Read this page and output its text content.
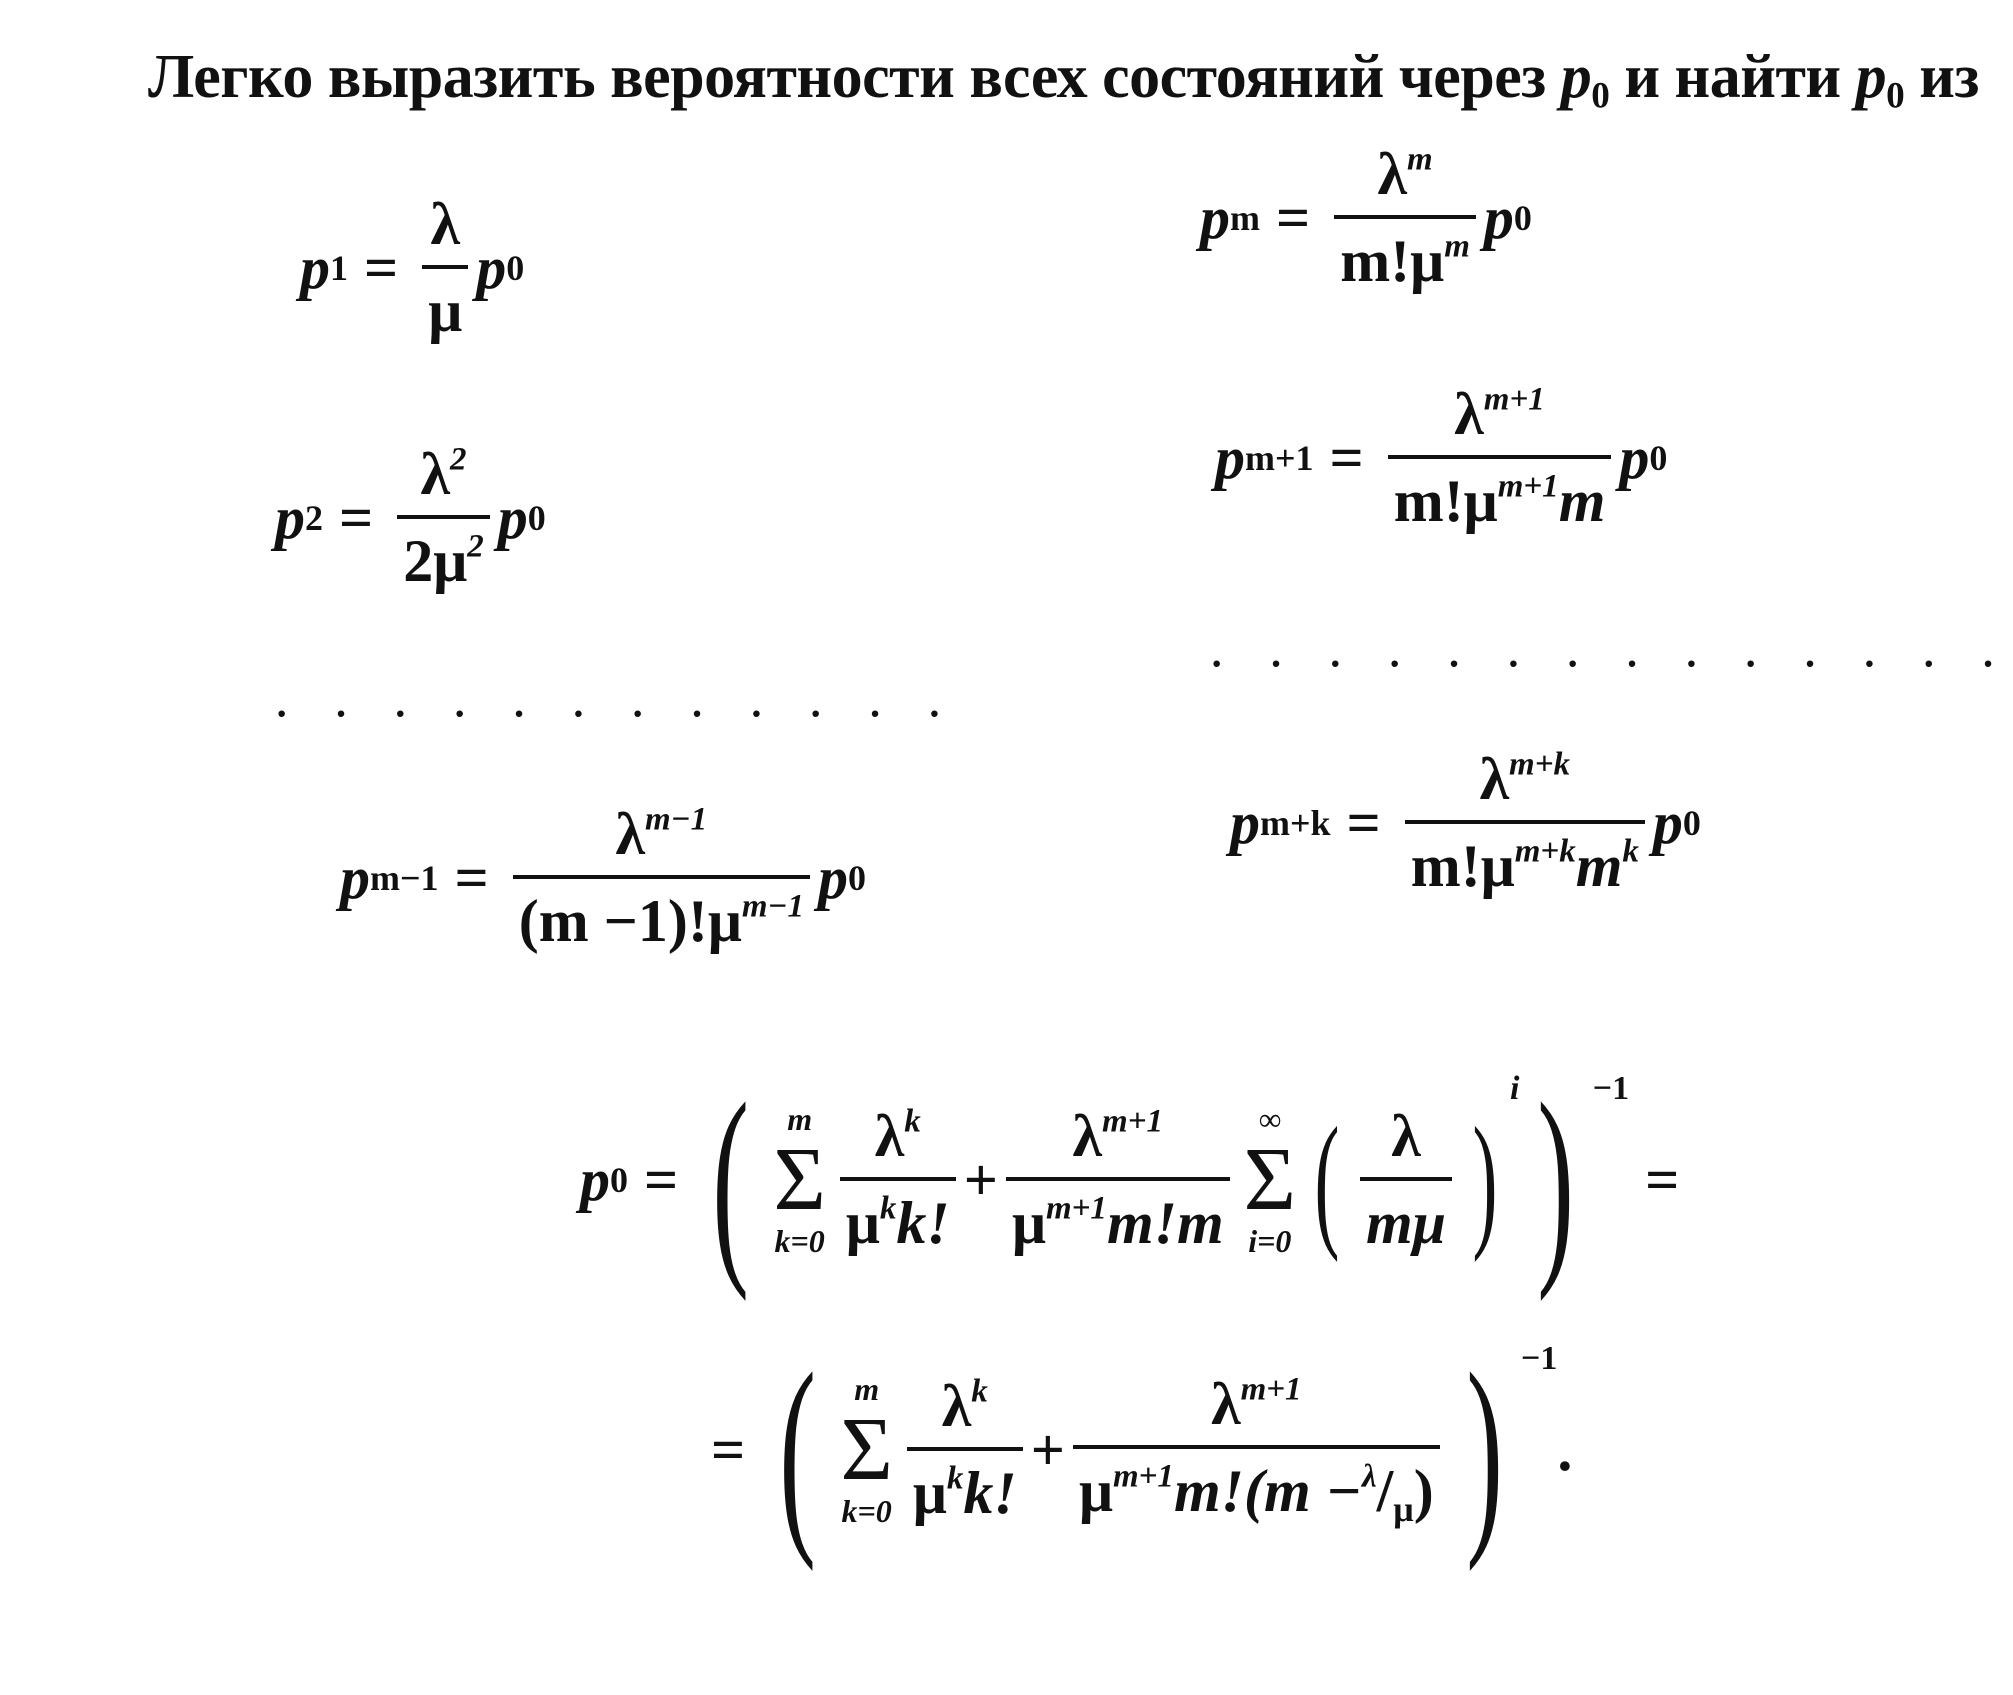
Легко выразить вероятности всех состояний через $p_0$ и найти $p_0$ из
p $1 = \frac{\lambda}{\mu}$ p 0
p $2 = \frac{\lambda^2}{2\mu^2}$ p 0
· · · · · · · · · · · ·
p $m-1 = \frac{\lambda^{m-1}}{(m -1)!\mu^{m-1}}$ p 0
p $m = \frac{\lambda^m}{m!\mu^m}$ p 0
p $m+1 = \frac{\lambda^{m+1}}{m!\mu^{m+1}m}$ p 0
· · · · · · · · · · · · · ·
p $m+k = \frac{\lambda^{m+k}}{m!\mu^{m+k}m^k}$ p 0
p 0 = ( m
Σ
$k=0 \frac{\lambda^k}{\mu^kk!} + \frac{\lambda^{m+1}}{\mu^{m+1}m!m}$ ∞
Σ
i=0 ( $\frac{\lambda}{m\mu}$ )
i ) −1
=
= ( m
Σ
$k=0 \frac{\lambda^k}{\mu^kk!} + \frac{\lambda^{m+1}}{\mu^{m+1}m!(m -^\lambda/_\mu)}$ ) −1
.
